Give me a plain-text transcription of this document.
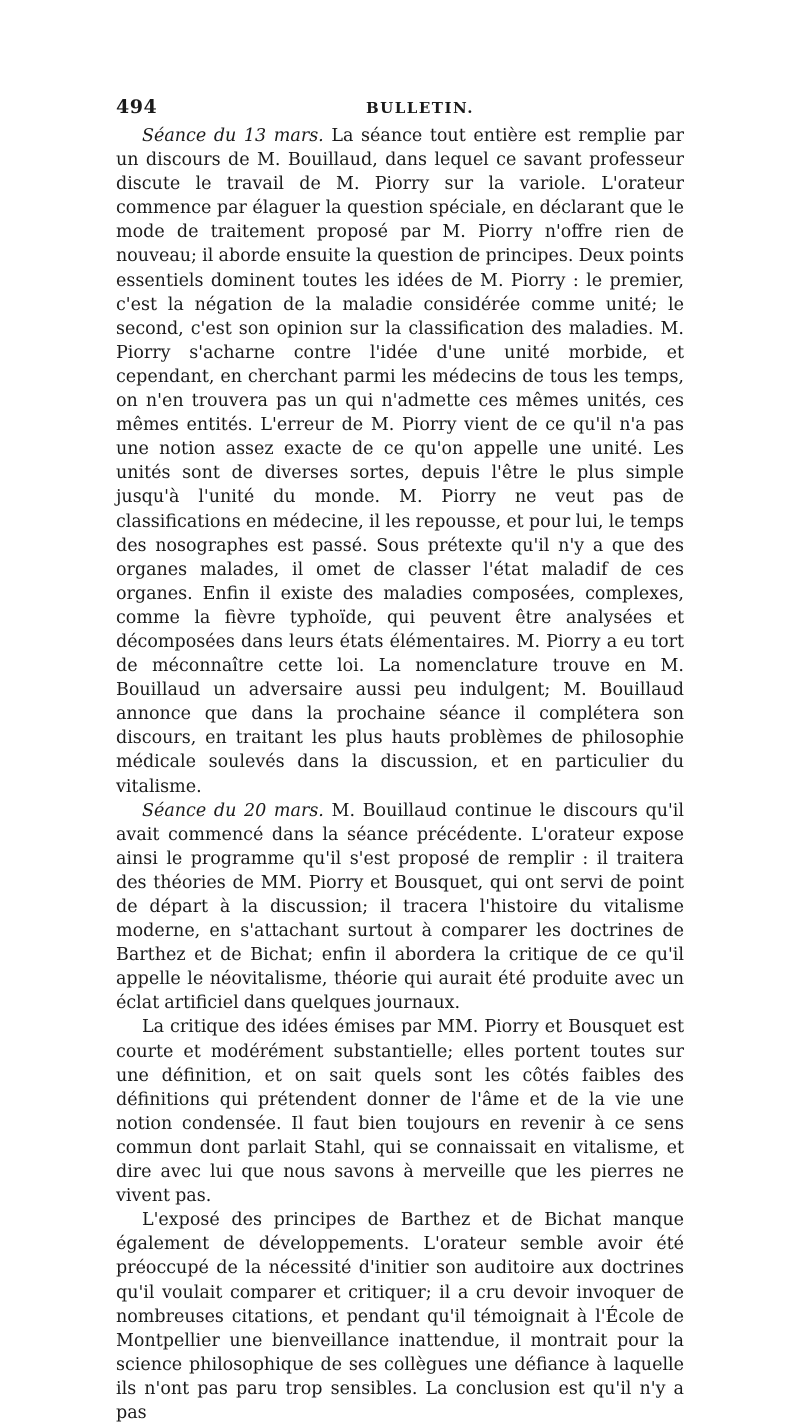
494	BULLETIN.

Séance du 13 mars. La séance tout entière est remplie par un discours de M. Bouillaud, dans lequel ce savant professeur discute le travail de M. Piorry sur la variole. L'orateur commence par élaguer la question spéciale, en déclarant que le mode de traitement proposé par M. Piorry n'offre rien de nouveau; il aborde ensuite la question de principes. Deux points essentiels dominent toutes les idées de M. Piorry : le premier, c'est la négation de la maladie considérée comme unité; le second, c'est son opinion sur la classification des maladies. M. Piorry s'acharne contre l'idée d'une unité morbide, et cependant, en cherchant parmi les médecins de tous les temps, on n'en trouvera pas un qui n'admette ces mêmes unités, ces mêmes entités. L'erreur de M. Piorry vient de ce qu'il n'a pas une notion assez exacte de ce qu'on appelle une unité. Les unités sont de diverses sortes, depuis l'être le plus simple jusqu'à l'unité du monde. M. Piorry ne veut pas de classifications en médecine, il les repousse, et pour lui, le temps des nosographes est passé. Sous prétexte qu'il n'y a que des organes malades, il omet de classer l'état maladif de ces organes. Enfin il existe des maladies composées, complexes, comme la fièvre typhoïde, qui peuvent être analysées et décomposées dans leurs états élémentaires. M. Piorry a eu tort de méconnaître cette loi. La nomenclature trouve en M. Bouillaud un adversaire aussi peu indulgent; M. Bouillaud annonce que dans la prochaine séance il complétera son discours, en traitant les plus hauts problèmes de philosophie médicale soulevés dans la discussion, et en particulier du vitalisme.

Séance du 20 mars. M. Bouillaud continue le discours qu'il avait commencé dans la séance précédente. L'orateur expose ainsi le programme qu'il s'est proposé de remplir : il traitera des théories de MM. Piorry et Bousquet, qui ont servi de point de départ à la discussion; il tracera l'histoire du vitalisme moderne, en s'attachant surtout à comparer les doctrines de Barthez et de Bichat; enfin il abordera la critique de ce qu'il appelle le néovitalisme, théorie qui aurait été produite avec un éclat artificiel dans quelques journaux.

La critique des idées émises par MM. Piorry et Bousquet est courte et modérément substantielle; elles portent toutes sur une définition, et on sait quels sont les côtés faibles des définitions qui prétendent donner de l'âme et de la vie une notion condensée. Il faut bien toujours en revenir à ce sens commun dont parlait Stahl, qui se connaissait en vitalisme, et dire avec lui que nous savons à merveille que les pierres ne vivent pas.

L'exposé des principes de Barthez et de Bichat manque également de développements. L'orateur semble avoir été préoccupé de la nécessité d'initier son auditoire aux doctrines qu'il voulait comparer et critiquer; il a cru devoir invoquer de nombreuses citations, et pendant qu'il témoignait à l'École de Montpellier une bienveillance inattendue, il montrait pour la science philosophique de ses collègues une défiance à laquelle ils n'ont pas paru trop sensibles. La conclusion est qu'il n'y a pas
